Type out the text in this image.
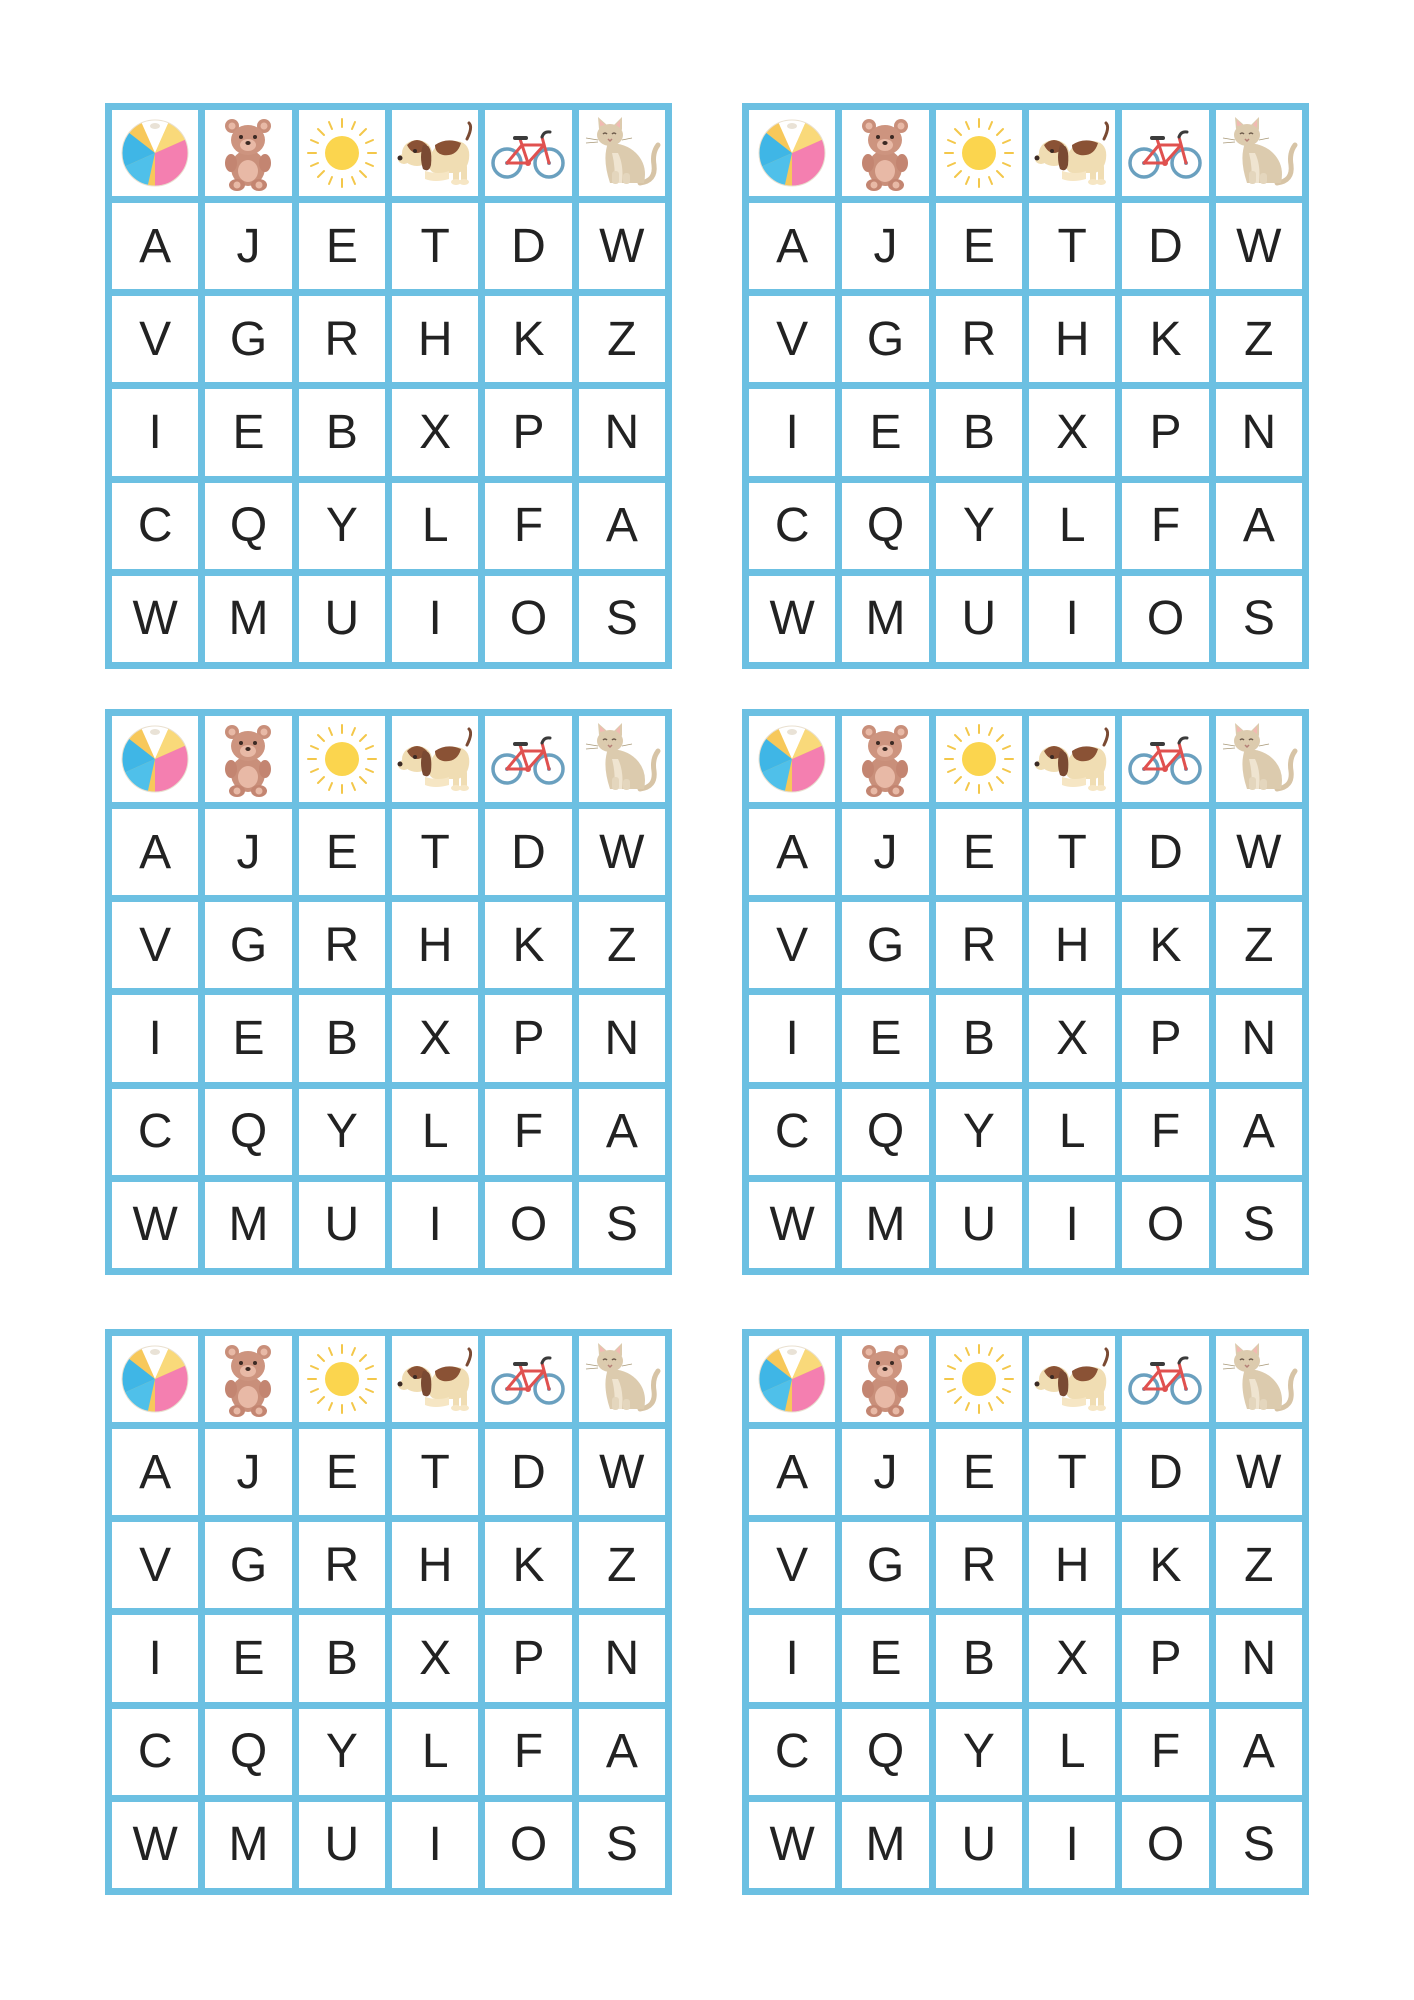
A	J	E	T	D	W
V	G	R	H	K	Z
I	E	B	X	P	N
C	Q	Y	L	F	A
W	M	U	I	O	S
A	J	E	T	D	W
V	G	R	H	K	Z
I	E	B	X	P	N
C	Q	Y	L	F	A
W	M	U	I	O	S
A	J	E	T	D	W
V	G	R	H	K	Z
I	E	B	X	P	N
C	Q	Y	L	F	A
W	M	U	I	O	S
A	J	E	T	D	W
V	G	R	H	K	Z
I	E	B	X	P	N
C	Q	Y	L	F	A
W	M	U	I	O	S
A	J	E	T	D	W
V	G	R	H	K	Z
I	E	B	X	P	N
C	Q	Y	L	F	A
W	M	U	I	O	S
A	J	E	T	D	W
V	G	R	H	K	Z
I	E	B	X	P	N
C	Q	Y	L	F	A
W	M	U	I	O	S
